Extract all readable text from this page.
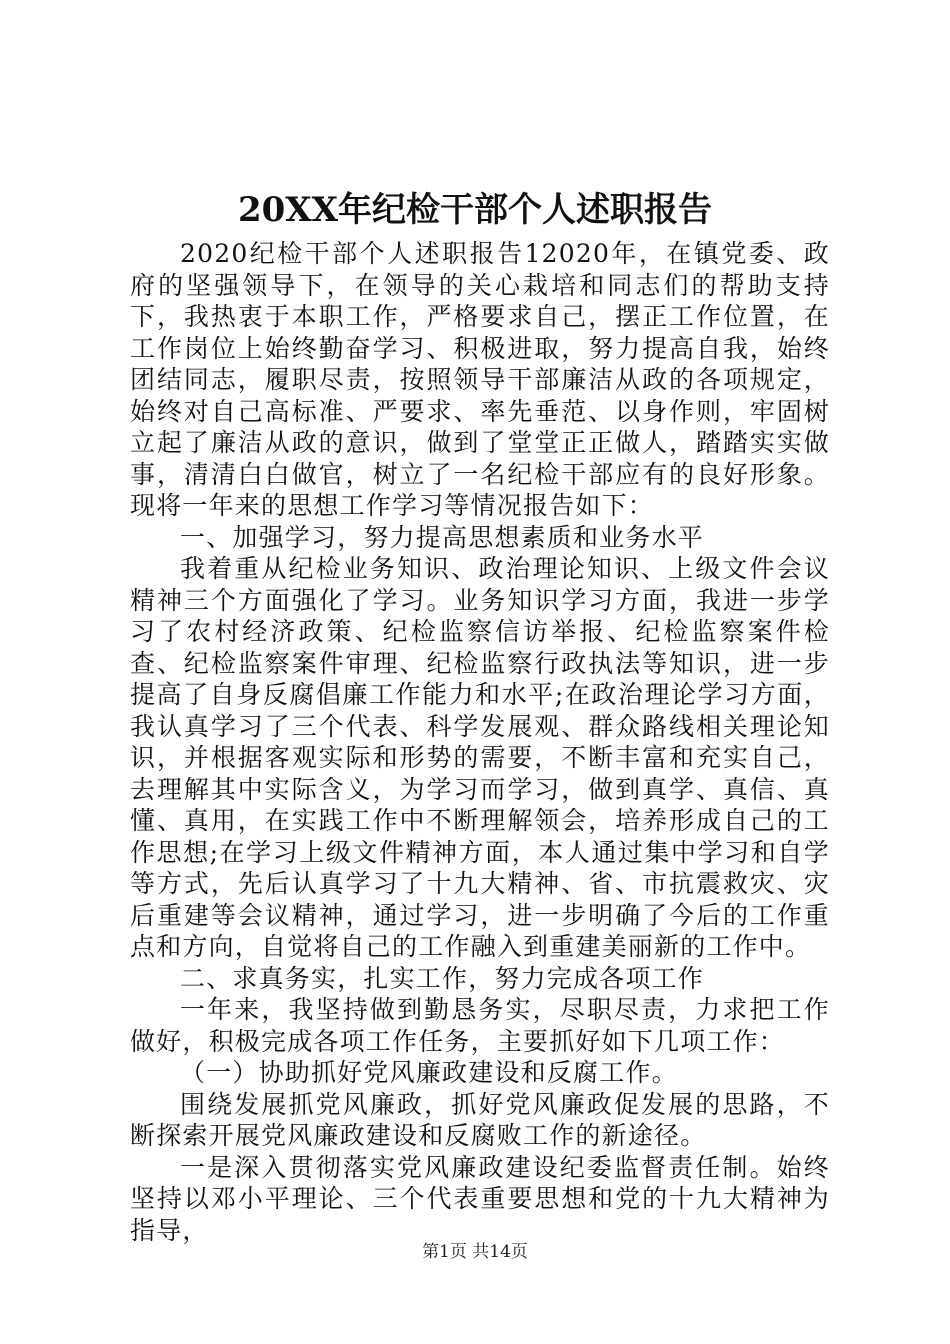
20XX年纪检干部个人述职报告

2020纪检干部个人述职报告12020年，在镇党委、政府的坚强领导下，在领导的关心栽培和同志们的帮助支持下，我热衷于本职工作，严格要求自己，摆正工作位置，在工作岗位上始终勤奋学习、积极进取，努力提高自我，始终团结同志，履职尽责，按照领导干部廉洁从政的各项规定，始终对自己高标准、严要求、率先垂范、以身作则，牢固树立起了廉洁从政的意识，做到了堂堂正正做人，踏踏实实做事，清清白白做官，树立了一名纪检干部应有的良好形象。现将一年来的思想工作学习等情况报告如下：

一、加强学习，努力提高思想素质和业务水平

我着重从纪检业务知识、政治理论知识、上级文件会议精神三个方面强化了学习。业务知识学习方面，我进一步学习了农村经济政策、纪检监察信访举报、纪检监察案件检查、纪检监察案件审理、纪检监察行政执法等知识，进一步提高了自身反腐倡廉工作能力和水平;在政治理论学习方面，我认真学习了三个代表、科学发展观、群众路线相关理论知识，并根据客观实际和形势的需要，不断丰富和充实自己，去理解其中实际含义，为学习而学习，做到真学、真信、真懂、真用，在实践工作中不断理解领会，培养形成自己的工作思想;在学习上级文件精神方面，本人通过集中学习和自学等方式，先后认真学习了十九大精神、省、市抗震救灾、灾后重建等会议精神，通过学习，进一步明确了今后的工作重点和方向，自觉将自己的工作融入到重建美丽新的工作中。

二、求真务实，扎实工作，努力完成各项工作

一年来，我坚持做到勤恳务实，尽职尽责，力求把工作做好，积极完成各项工作任务，主要抓好如下几项工作：

（一）协助抓好党风廉政建设和反腐工作。

围绕发展抓党风廉政，抓好党风廉政促发展的思路，不断探索开展党风廉政建设和反腐败工作的新途径。

一是深入贯彻落实党风廉政建设纪委监督责任制。始终坚持以邓小平理论、三个代表重要思想和党的十九大精神为指导，

第1页 共14页
